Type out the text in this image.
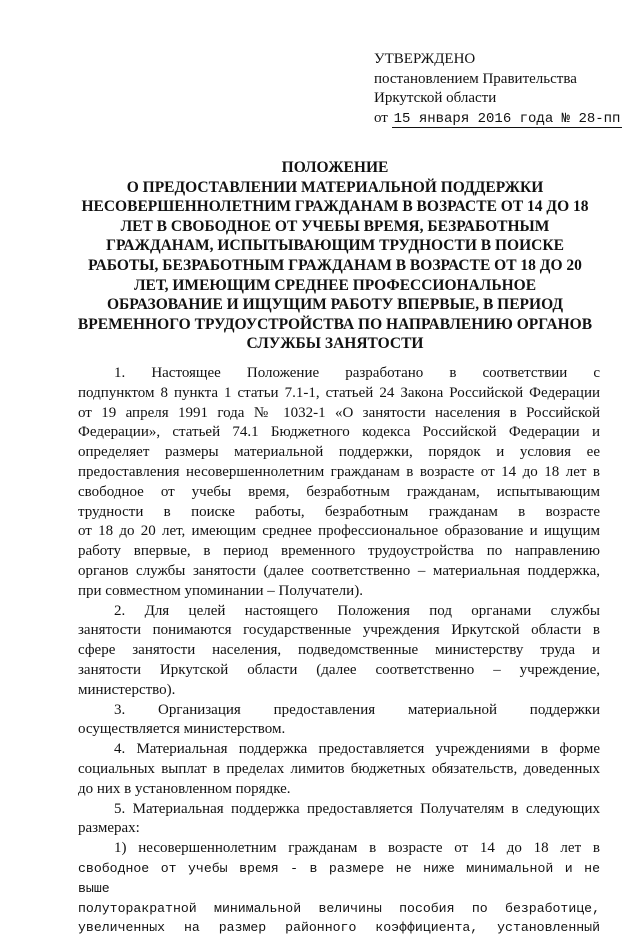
УТВЕРЖДЕНО
постановлением Правительства
Иркутской области
от 15 января 2016 года № 28-пп
ПОЛОЖЕНИЕ
О ПРЕДОСТАВЛЕНИИ МАТЕРИАЛЬНОЙ ПОДДЕРЖКИ
НЕСОВЕРШЕННОЛЕТНИМ ГРАЖДАНАМ В ВОЗРАСТЕ ОТ 14 ДО 18
ЛЕТ В СВОБОДНОЕ ОТ УЧЕБЫ ВРЕМЯ, БЕЗРАБОТНЫМ
ГРАЖДАНАМ, ИСПЫТЫВАЮЩИМ ТРУДНОСТИ В ПОИСКЕ
РАБОТЫ, БЕЗРАБОТНЫМ ГРАЖДАНАМ В ВОЗРАСТЕ ОТ 18 ДО 20
ЛЕТ, ИМЕЮЩИМ СРЕДНЕЕ ПРОФЕССИОНАЛЬНОЕ
ОБРАЗОВАНИЕ И ИЩУЩИМ РАБОТУ ВПЕРВЫЕ, В ПЕРИОД
ВРЕМЕННОГО ТРУДОУСТРОЙСТВА ПО НАПРАВЛЕНИЮ ОРГАНОВ
СЛУЖБЫ ЗАНЯТОСТИ
1. Настоящее Положение разработано в соответствии с
подпунктом 8 пункта 1 статьи 7.1-1, статьей 24 Закона Российской Федерации
от 19 апреля 1991 года № 1032-1 «О занятости населения в Российской
Федерации», статьей 74.1 Бюджетного кодекса Российской Федерации и
определяет размеры материальной поддержки, порядок и условия ее
предоставления несовершеннолетним гражданам в возрасте от 14 до 18 лет в
свободное от учебы время, безработным гражданам, испытывающим
трудности в поиске работы, безработным гражданам в возрасте
от 18 до 20 лет, имеющим среднее профессиональное образование и ищущим
работу впервые, в период временного трудоустройства по направлению
органов службы занятости (далее соответственно – материальная поддержка,
при совместном упоминании – Получатели).
2. Для целей настоящего Положения под органами службы
занятости понимаются государственные учреждения Иркутской области в
сфере занятости населения, подведомственные министерству труда и
занятости Иркутской области (далее соответственно – учреждение,
министерство).
3. Организация предоставления материальной поддержки
осуществляется министерством.
4. Материальная поддержка предоставляется учреждениями в форме
социальных выплат в пределах лимитов бюджетных обязательств, доведенных
до них в установленном порядке.
5. Материальная поддержка предоставляется Получателям в следующих
размерах:
1) несовершеннолетним гражданам в возрасте от 14 до 18 лет в
свободное от учебы время - в размере не ниже минимальной и не выше
полуторакратной минимальной величины пособия по безработице,
увеличенных на размер районного коэффициента, установленный
